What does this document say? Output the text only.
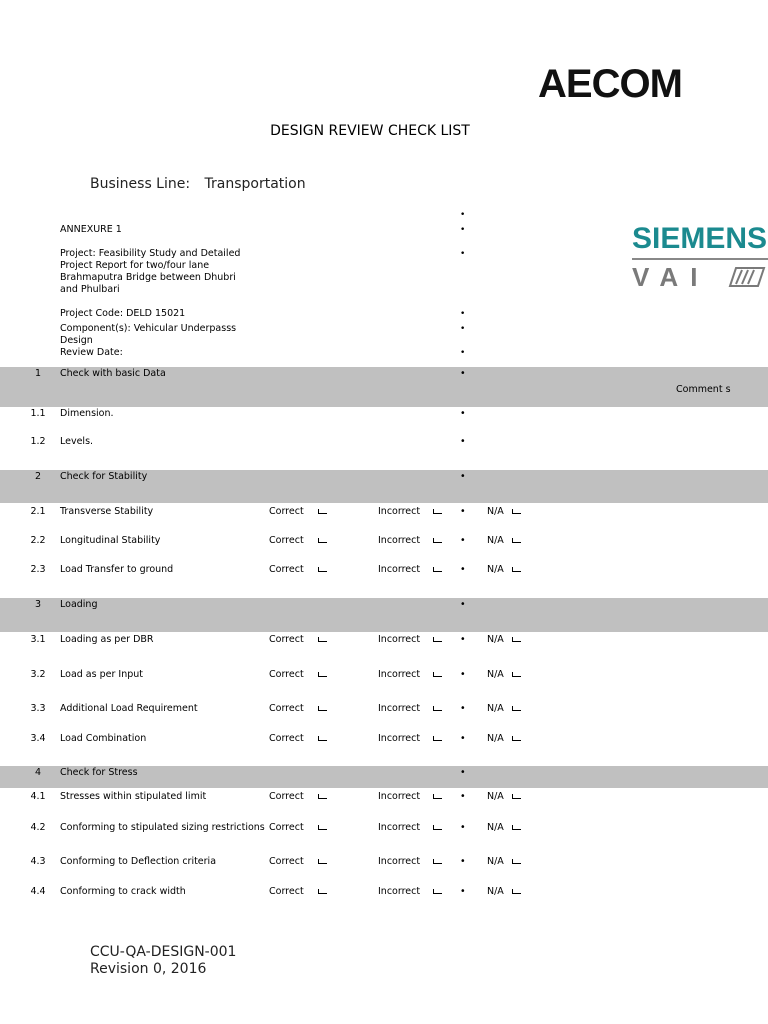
AECOM
SIEMENS
VAI
DESIGN REVIEW CHECK LIST
Business Line: Transportation
ANNEXURE 1
Project: Feasibility Study and Detailed Project Report for two/four lane Brahmaputra Bridge between Dhubri and Phulbari
Project Code: DELD 15021
Component(s): Vehicular Underpasss Design
Review Date:
•
•
•
•
•
•
1	Check with basic Data	•
Comment s
1.1	Dimension.	•
1.2	Levels.	•
2	Check for Stability	•
2.1	Transverse Stability	Correct	Incorrect	• N/A
2.2	Longitudinal Stability	Correct	Incorrect	• N/A
2.3	Load Transfer to ground	Correct	Incorrect	• N/A
3	Loading	•
3.1	Loading as per DBR	Correct	Incorrect	• N/A
3.2	Load as per Input	Correct	Incorrect	• N/A
3.3	Additional Load Requirement	Correct	Incorrect	• N/A
3.4	Load Combination	Correct	Incorrect	• N/A
4	Check for Stress	•
4.1	Stresses within stipulated limit	Correct	Incorrect	• N/A
4.2	Conforming to stipulated sizing restrictions Correct	Incorrect	• N/A
4.3	Conforming to Deflection criteria	Correct	Incorrect	• N/A
4.4	Conforming to crack width	Correct	Incorrect	• N/A
CCU-QA-DESIGN-001
Revision 0, 2016
